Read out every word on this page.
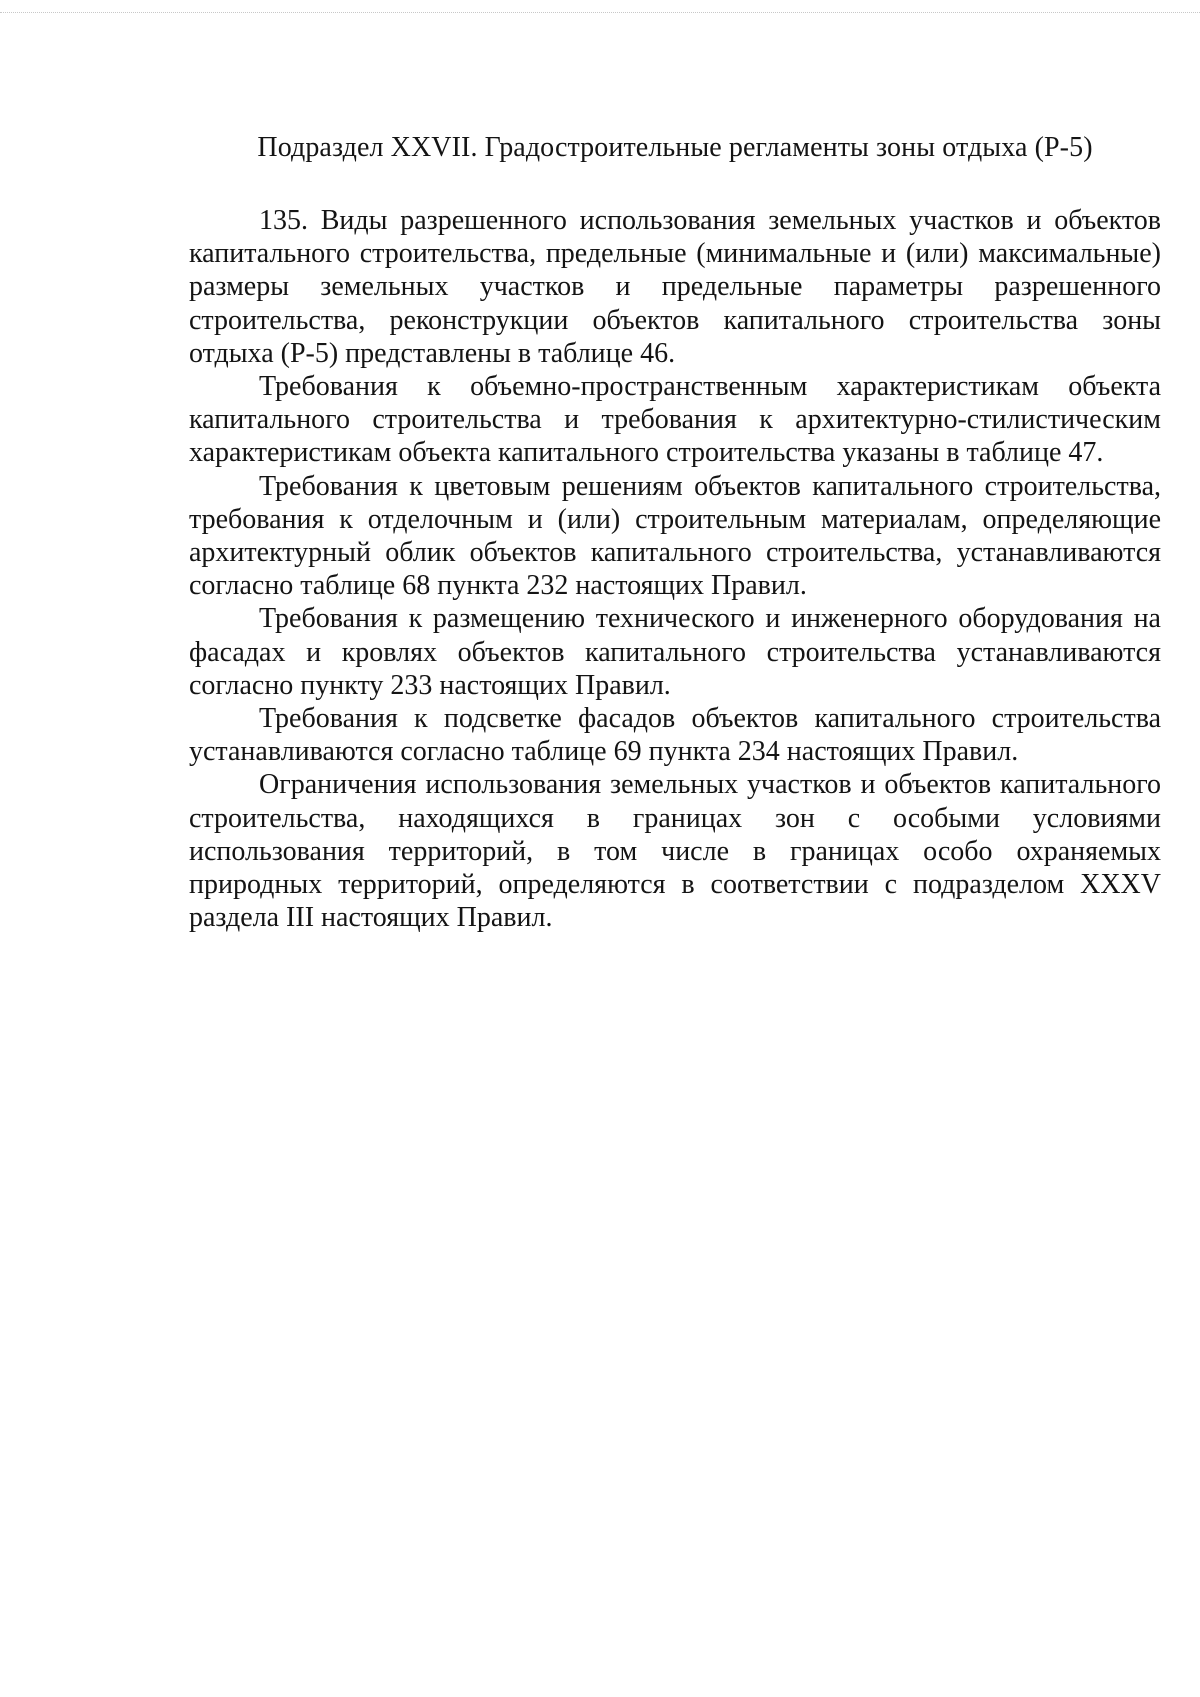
Подраздел XXVII. Градостроительные регламенты зоны отдыха (Р-5)

135. Виды разрешенного использования земельных участков и объектов капитального строительства, предельные (минимальные и (или) максимальные) размеры земельных участков и предельные параметры разрешенного строительства, реконструкции объектов капитального строительства зоны отдыха (Р-5) представлены в таблице 46.

Требования к объемно-пространственным характеристикам объекта капитального строительства и требования к архитектурно-стилистическим характеристикам объекта капитального строительства указаны в таблице 47.

Требования к цветовым решениям объектов капитального строительства, требования к отделочным и (или) строительным материалам, определяющие архитектурный облик объектов капитального строительства, устанавливаются согласно таблице 68 пункта 232 настоящих Правил.

Требования к размещению технического и инженерного оборудования на фасадах и кровлях объектов капитального строительства устанавливаются согласно пункту 233 настоящих Правил.

Требования к подсветке фасадов объектов капитального строительства устанавливаются согласно таблице 69 пункта 234 настоящих Правил.

Ограничения использования земельных участков и объектов капитального строительства, находящихся в границах зон с особыми условиями использования территорий, в том числе в границах особо охраняемых природных территорий, определяются в соответствии с подразделом XXXV раздела III настоящих Правил.
